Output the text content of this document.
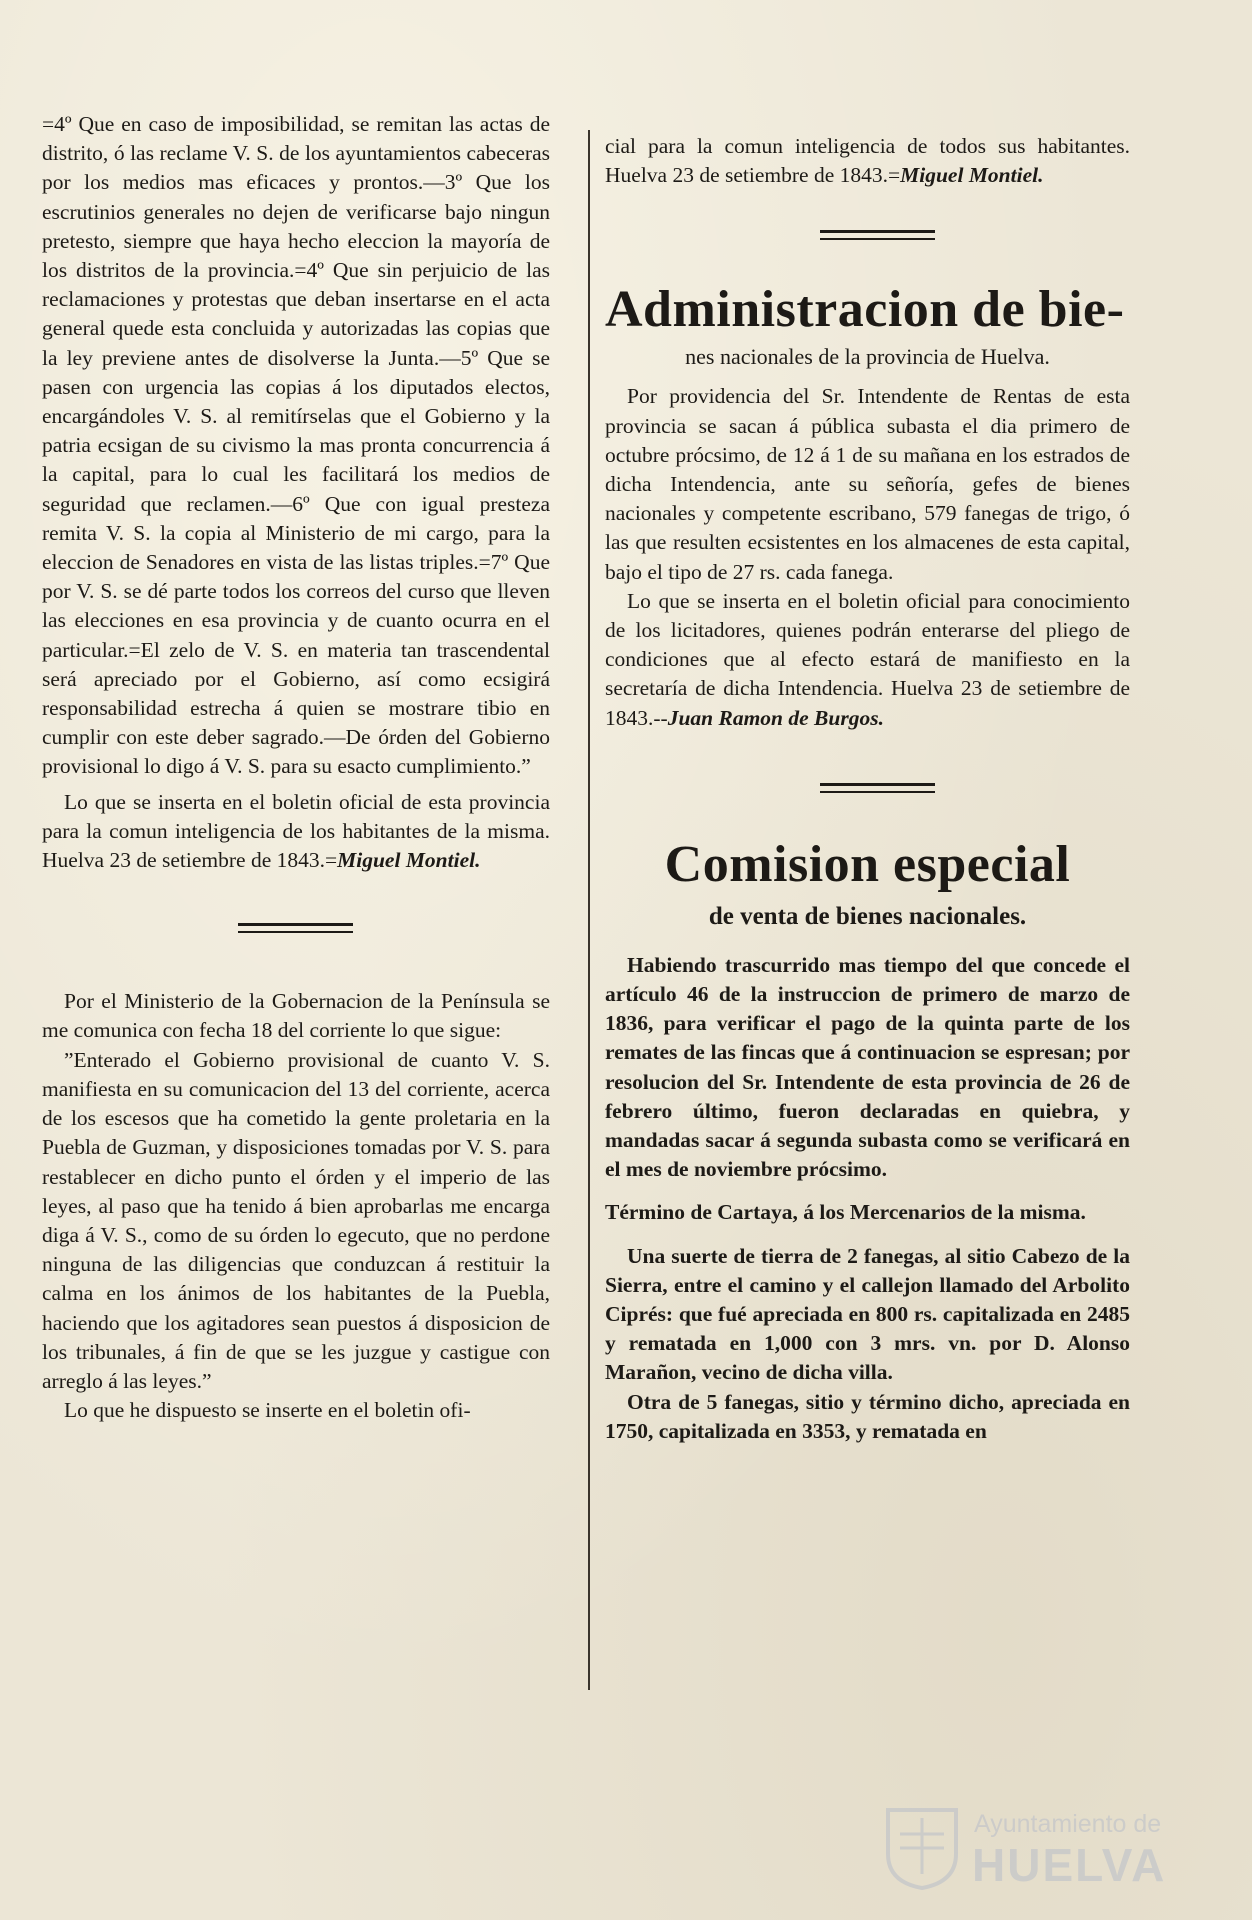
=4º Que en caso de imposibilidad, se remitan las actas de distrito, ó las reclame V. S. de los ayuntamientos cabeceras por los medios mas eficaces y prontos.—3º Que los escrutinios generales no dejen de verificarse bajo ningun pretesto, siempre que haya hecho eleccion la mayoría de los distritos de la provincia.=4º Que sin perjuicio de las reclamaciones y protestas que deban insertarse en el acta general quede esta concluida y autorizadas las copias que la ley previene antes de disolverse la Junta.—5º Que se pasen con urgencia las copias á los diputados electos, encargándoles V. S. al remitírselas que el Gobierno y la patria ecsigan de su civismo la mas pronta concurrencia á la capital, para lo cual les facilitará los medios de seguridad que reclamen.—6º Que con igual presteza remita V. S. la copia al Ministerio de mi cargo, para la eleccion de Senadores en vista de las listas triples.=7º Que por V. S. se dé parte todos los correos del curso que lleven las elecciones en esa provincia y de cuanto ocurra en el particular.=El zelo de V. S. en materia tan trascendental será apreciado por el Gobierno, así como ecsigirá responsabilidad estrecha á quien se mostrare tibio en cumplir con este deber sagrado.—De órden del Gobierno provisional lo digo á V. S. para su esacto cumplimiento.”

Lo que se inserta en el boletin oficial de esta provincia para la comun inteligencia de los habitantes de la misma. Huelva 23 de setiembre de 1843.=Miguel Montiel.

Por el Ministerio de la Gobernacion de la Península se me comunica con fecha 18 del corriente lo que sigue:

”Enterado el Gobierno provisional de cuanto V. S. manifiesta en su comunicacion del 13 del corriente, acerca de los escesos que ha cometido la gente proletaria en la Puebla de Guzman, y disposiciones tomadas por V. S. para restablecer en dicho punto el órden y el imperio de las leyes, al paso que ha tenido á bien aprobarlas me encarga diga á V. S., como de su órden lo egecuto, que no perdone ninguna de las diligencias que conduzcan á restituir la calma en los ánimos de los habitantes de la Puebla, haciendo que los agitadores sean puestos á disposicion de los tribunales, á fin de que se les juzgue y castigue con arreglo á las leyes.”

Lo que he dispuesto se inserte en el boletin ofi-

cial para la comun inteligencia de todos sus habitantes. Huelva 23 de setiembre de 1843.=Miguel Montiel.

Administracion de bie-
nes nacionales de la provincia de Huelva.

Por providencia del Sr. Intendente de Rentas de esta provincia se sacan á pública subasta el dia primero de octubre prócsimo, de 12 á 1 de su mañana en los estrados de dicha Intendencia, ante su señoría, gefes de bienes nacionales y competente escribano, 579 fanegas de trigo, ó las que resulten ecsistentes en los almacenes de esta capital, bajo el tipo de 27 rs. cada fanega.

Lo que se inserta en el boletin oficial para conocimiento de los licitadores, quienes podrán enterarse del pliego de condiciones que al efecto estará de manifiesto en la secretaría de dicha Intendencia. Huelva 23 de setiembre de 1843.--Juan Ramon de Burgos.

Comision especial
de venta de bienes nacionales.

Habiendo trascurrido mas tiempo del que concede el artículo 46 de la instruccion de primero de marzo de 1836, para verificar el pago de la quinta parte de los remates de las fincas que á continuacion se espresan; por resolucion del Sr. Intendente de esta provincia de 26 de febrero último, fueron declaradas en quiebra, y mandadas sacar á segunda subasta como se verificará en el mes de noviembre prócsimo.

Término de Cartaya, á los Mercenarios de la misma.

Una suerte de tierra de 2 fanegas, al sitio Cabezo de la Sierra, entre el camino y el callejon llamado del Arbolito Ciprés: que fué apreciada en 800 rs. capitalizada en 2485 y rematada en 1,000 con 3 mrs. vn. por D. Alonso Marañon, vecino de dicha villa.

Otra de 5 fanegas, sitio y término dicho, apreciada en 1750, capitalizada en 3353, y rematada en

Ayuntamiento de
HUELVA
